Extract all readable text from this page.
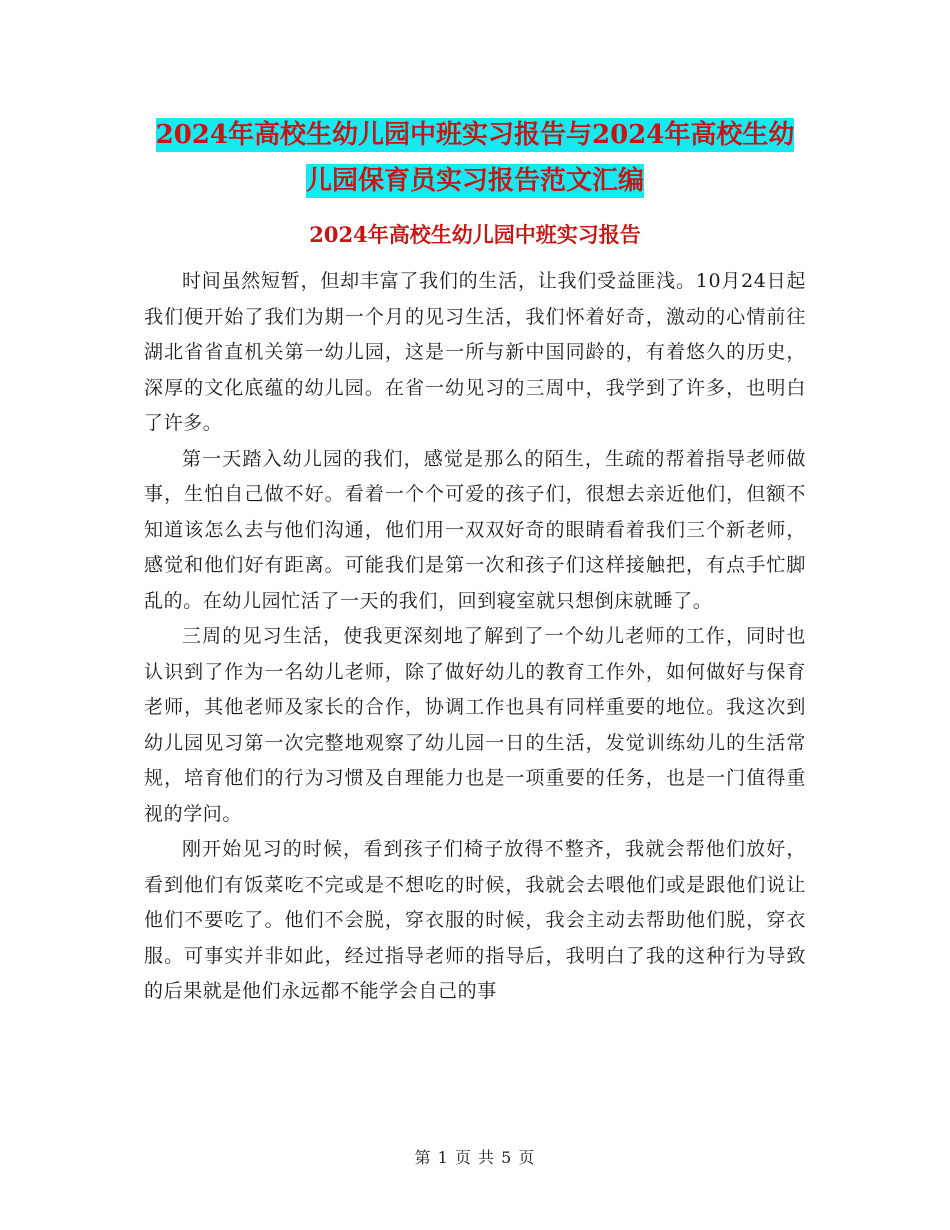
2024年高校生幼儿园中班实习报告与2024年高校生幼
儿园保育员实习报告范文汇编
2024年高校生幼儿园中班实习报告

时间虽然短暂，但却丰富了我们的生活，让我们受益匪浅。10月24日起我们便开始了我们为期一个月的见习生活，我们怀着好奇，激动的心情前往湖北省省直机关第一幼儿园，这是一所与新中国同龄的，有着悠久的历史，深厚的文化底蕴的幼儿园。在省一幼见习的三周中，我学到了许多，也明白了许多。

第一天踏入幼儿园的我们，感觉是那么的陌生，生疏的帮着指导老师做事，生怕自己做不好。看着一个个可爱的孩子们，很想去亲近他们，但额不知道该怎么去与他们沟通，他们用一双双好奇的眼睛看着我们三个新老师，感觉和他们好有距离。可能我们是第一次和孩子们这样接触把，有点手忙脚乱的。在幼儿园忙活了一天的我们，回到寝室就只想倒床就睡了。

三周的见习生活，使我更深刻地了解到了一个幼儿老师的工作，同时也认识到了作为一名幼儿老师，除了做好幼儿的教育工作外，如何做好与保育老师，其他老师及家长的合作，协调工作也具有同样重要的地位。我这次到幼儿园见习第一次完整地观察了幼儿园一日的生活，发觉训练幼儿的生活常规，培育他们的行为习惯及自理能力也是一项重要的任务，也是一门值得重视的学问。

刚开始见习的时候，看到孩子们椅子放得不整齐，我就会帮他们放好，看到他们有饭菜吃不完或是不想吃的时候，我就会去喂他们或是跟他们说让他们不要吃了。他们不会脱，穿衣服的时候，我会主动去帮助他们脱，穿衣服。可事实并非如此，经过指导老师的指导后，我明白了我的这种行为导致的后果就是他们永远都不能学会自己的事

第 1 页 共 5 页
